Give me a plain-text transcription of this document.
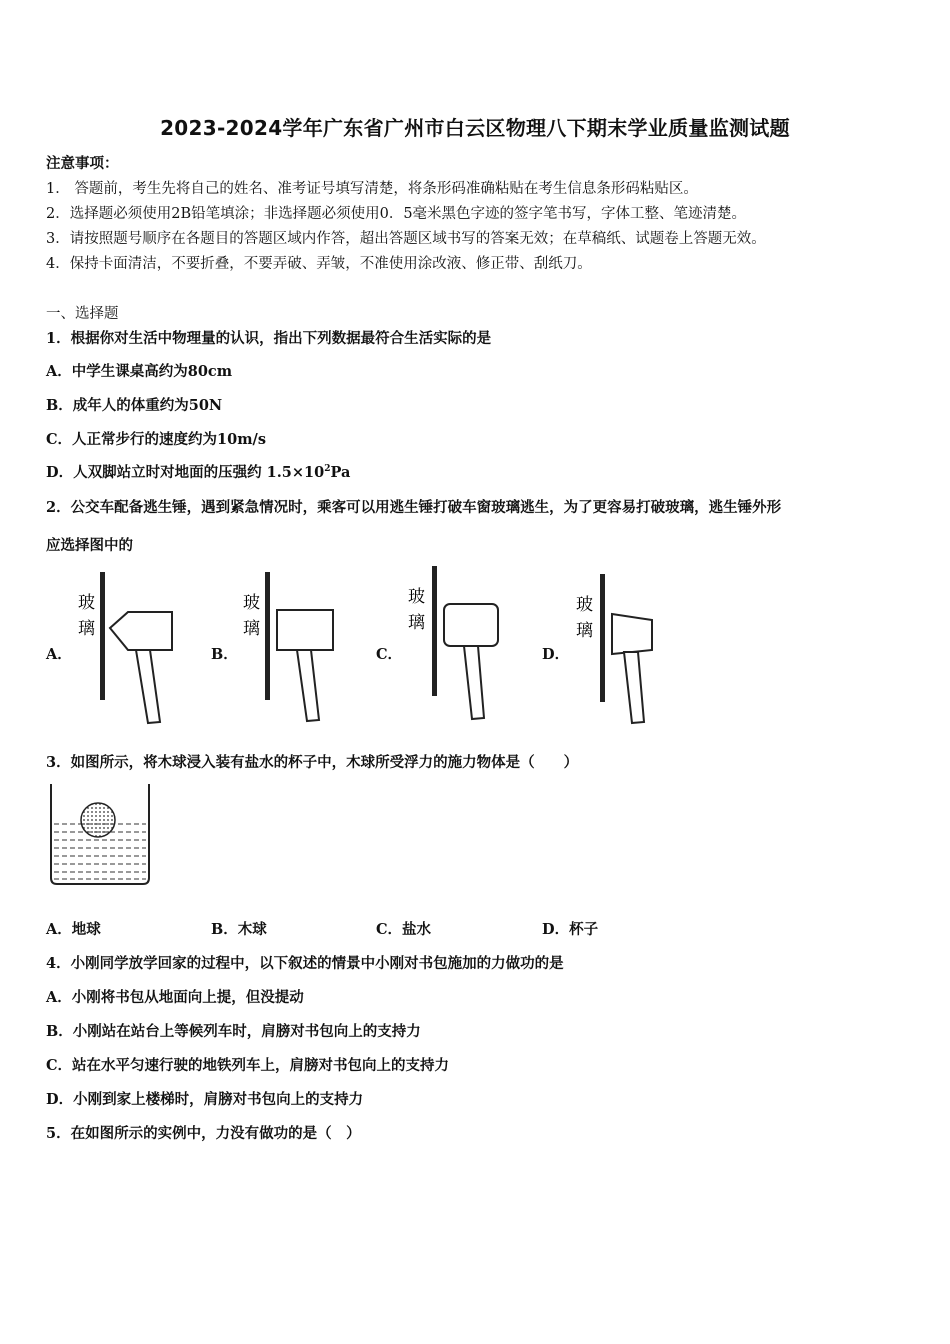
2023-2024学年广东省广州市白云区物理八下期末学业质量监测试题
注意事项：
1． 答题前，考生先将自己的姓名、准考证号填写清楚，将条形码准确粘贴在考生信息条形码粘贴区。
2．选择题必须使用2B铅笔填涂；非选择题必须使用0．5毫米黑色字迹的签字笔书写，字体工整、笔迹清楚。
3．请按照题号顺序在各题目的答题区域内作答，超出答题区域书写的答案无效；在草稿纸、试题卷上答题无效。
4．保持卡面清洁，不要折叠，不要弄破、弄皱，不准使用涂改液、修正带、刮纸刀。
一、选择题
1．根据你对生活中物理量的认识，指出下列数据最符合生活实际的是
A．中学生课桌高约为80cm
B．成年人的体重约为50N
C．人正常步行的速度约为10m/s
D．人双脚站立时对地面的压强约 $1.5\times 10^2Pa$
2．公交车配备逃生锤，遇到紧急情况时，乘客可以用逃生锤打破车窗玻璃逃生，为了更容易打破玻璃，逃生锤外形
应选择图中的
A．	B．	C．	D．
玻
璃
玻
璃
玻
璃
玻
璃
3．如图所示，将木球浸入装有盐水的杯子中，木球所受浮力的施力物体是（　　）
A．地球	B．木球	C．盐水	D．杯子
4．小刚同学放学回家的过程中，以下叙述的情景中小刚对书包施加的力做功的是
A．小刚将书包从地面向上提，但没提动
B．小刚站在站台上等候列车时，肩膀对书包向上的支持力
C．站在水平匀速行驶的地铁列车上，肩膀对书包向上的支持力
D．小刚到家上楼梯时，肩膀对书包向上的支持力
5．在如图所示的实例中，力没有做功的是（　）
